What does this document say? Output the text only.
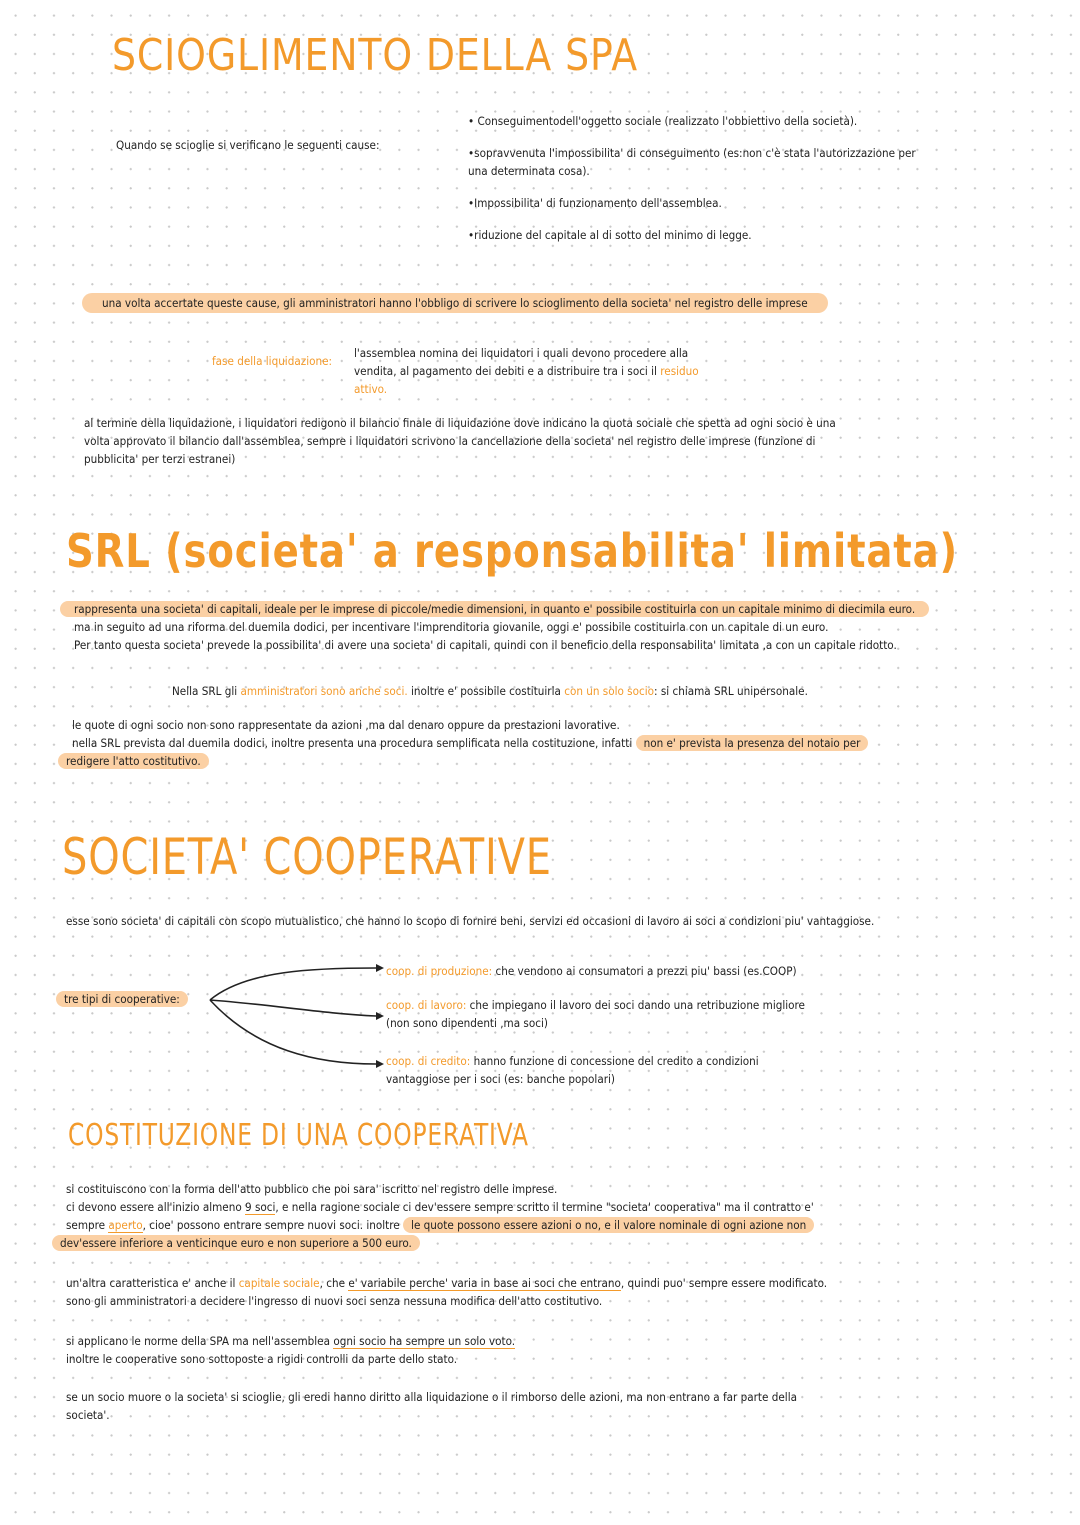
SCIOGLIMENTO DELLA SPA
Quando se scioglie si verificano le seguenti cause:

• Conseguimentodell'oggetto sociale (realizzato l'obbiettivo della società).

•sopravvenuta l'impossibilita' di conseguimento (es:non c'è stata l'autorizzazione per una determinata cosa).

•Impossibilita' di funzionamento dell'assemblea.

•riduzione del capitale al di sotto del minimo di legge.

una volta accertate queste cause, gli amministratori hanno l'obbligo di scrivere lo scioglimento della societa' nel registro delle imprese
fase della liquidazione:
l'assemblea nomina dei liquidatori i quali devono procedere alla vendita, al pagamento dei debiti e a distribuire tra i soci il residuo attivo.
al termine della liquidazione, i liquidatori redigono il bilancio finale di liquidazione dove indicano la quota sociale che spetta ad ogni socio è una volta approvato il bilancio dall'assemblea, sempre i liquidatori scrivono la cancellazione della societa' nel registro delle imprese (funzione di pubblicita' per terzi estranei)
SRL (societa' a responsabilita' limitata)
rappresenta una societa' di capitali, ideale per le imprese di piccole/medie dimensioni, in quanto e' possibile costituirla con un capitale minimo di diecimila euro.
ma in seguito ad una riforma del duemila dodici, per incentivare l'imprenditoria giovanile, oggi e' possibile costituirla con un capitale di un euro.
Per tanto questa societa' prevede la possibilita' di avere una societa' di capitali, quindi con il beneficio della responsabilita' limitata ,a con un capitale ridotto.
Nella SRL gli amministratori sono anche soci. inoltre e' possibile costituirla con un solo socio: si chiama SRL unipersonale.
le quote di ogni socio non sono rappresentate da azioni ,ma dal denaro oppure da prestazioni lavorative.
nella SRL prevista dal duemila dodici, inoltre presenta una procedura semplificata nella costituzione, infatti non e' prevista la presenza del notaio per redigere l'atto costitutivo.
SOCIETA' COOPERATIVE
esse sono societa' di capitali con scopo mutualistico, che hanno lo scopo di fornire beni, servizi ed occasioni di lavoro ai soci a condizioni piu' vantaggiose.
tre tipi di cooperative:
coop. di produzione: che vendono ai consumatori a prezzi piu' bassi (es.COOP)
coop. di lavoro: che impiegano il lavoro dei soci dando una retribuzione migliore (non sono dipendenti ,ma soci)
coop. di credito: hanno funzione di concessione del credito a condizioni vantaggiose per i soci (es: banche popolari)
COSTITUZIONE DI UNA COOPERATIVA
si costituiscono con la forma dell'atto pubblico che poi sara' iscritto nel registro delle imprese.
ci devono essere all'inizio almeno 9 soci, e nella ragione sociale ci dev'essere sempre scritto il termine "societa' cooperativa" ma il contratto e'
sempre aperto, cioe' possono entrare sempre nuovi soci. inoltre le quote possono essere azioni o no, e il valore nominale di ogni azione non dev'essere inferiore a venticinque euro e non superiore a 500 euro.
un'altra caratteristica e' anche il capitale sociale, che e' variabile perche' varia in base ai soci che entrano, quindi puo' sempre essere modificato.
sono gli amministratori a decidere l'ingresso di nuovi soci senza nessuna modifica dell'atto costitutivo.
si applicano le norme della SPA ma nell'assemblea ogni socio ha sempre un solo voto.
inoltre le cooperative sono sottoposte a rigidi controlli da parte dello stato.
se un socio muore o la societa' si scioglie, gli eredi hanno diritto alla liquidazione o il rimborso delle azioni, ma non entrano a far parte della societa'.
